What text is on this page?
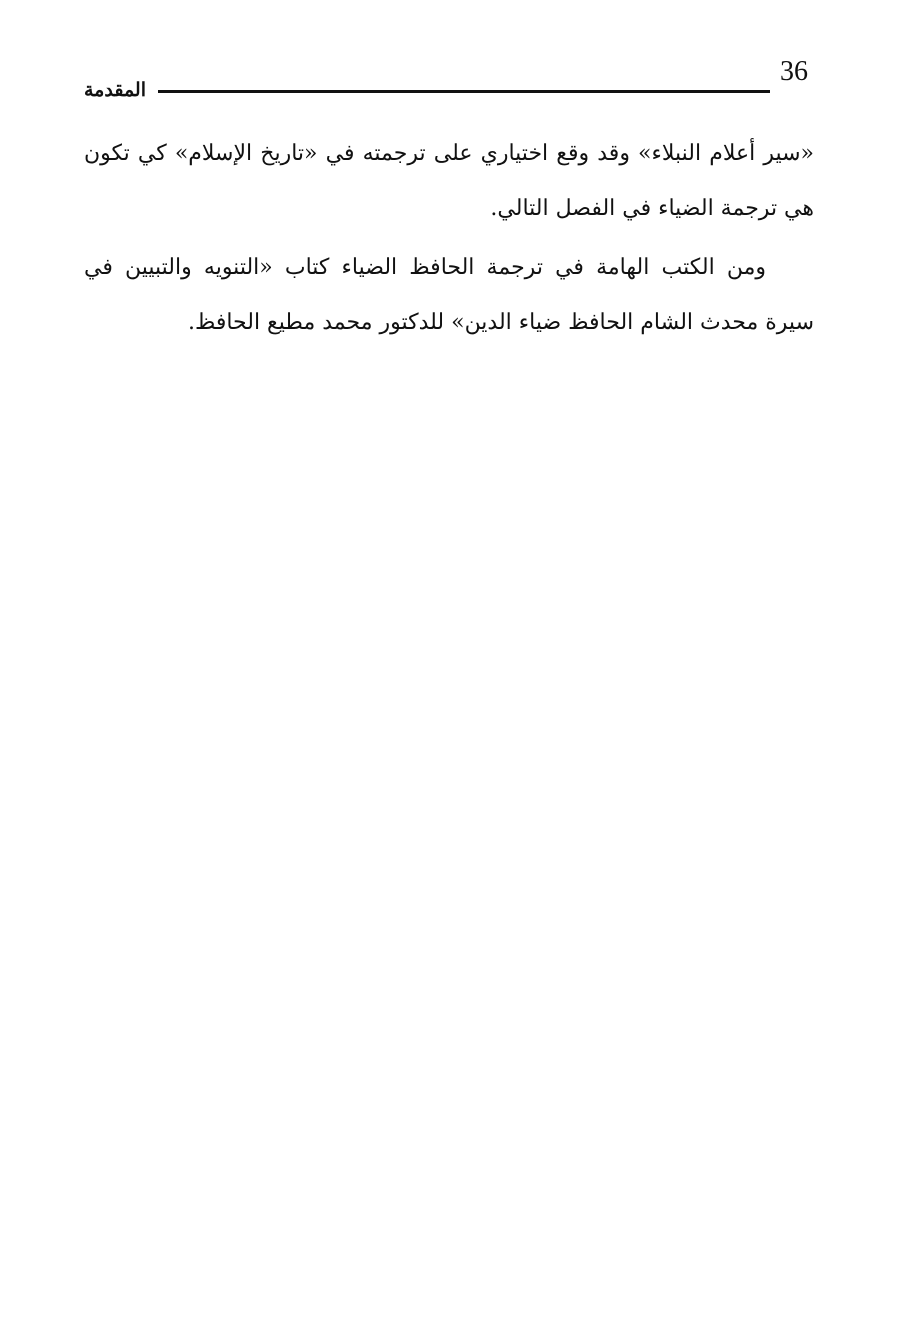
36
المقدمة

«سير أعلام النبلاء» وقد وقع اختياري على ترجمته في «تاريخ الإسلام» كي تكون هي ترجمة الضياء في الفصل التالي.

ومن الكتب الهامة في ترجمة الحافظ الضياء كتاب «التنويه والتبيين في سيرة محدث الشام الحافظ ضياء الدين» للدكتور محمد مطيع الحافظ.
